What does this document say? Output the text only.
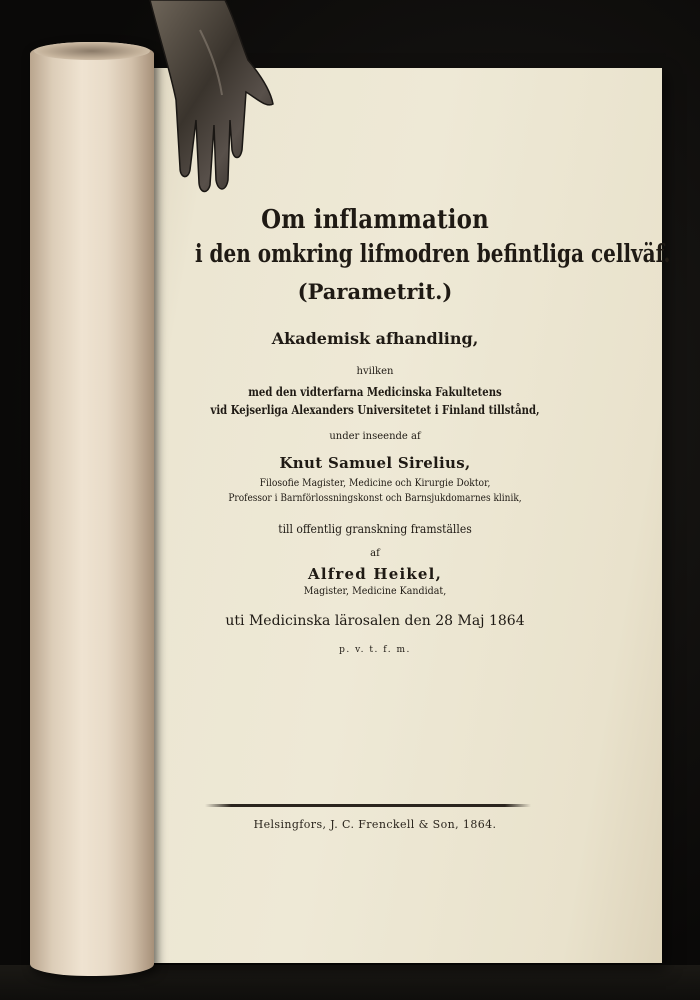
Om inflammation
i den omkring lifmodren befintliga cellväf.
(Parametrit.)
Akademisk afhandling,
hvilken
med den vidterfarna Medicinska Fakultetens
vid Kejserliga Alexanders Universitetet i Finland tillstånd,
under inseende af
Knut Samuel Sirelius,
Filosofie Magister, Medicine och Kirurgie Doktor,
Professor i Barnförlossningskonst och Barnsjukdomarnes klinik,
till offentlig granskning framställes
af
Alfred Heikel,
Magister, Medicine Kandidat,
uti Medicinska lärosalen den 28 Maj 1864
p. v. t. f. m.
Helsingfors, J. C. Frenckell & Son, 1864.
